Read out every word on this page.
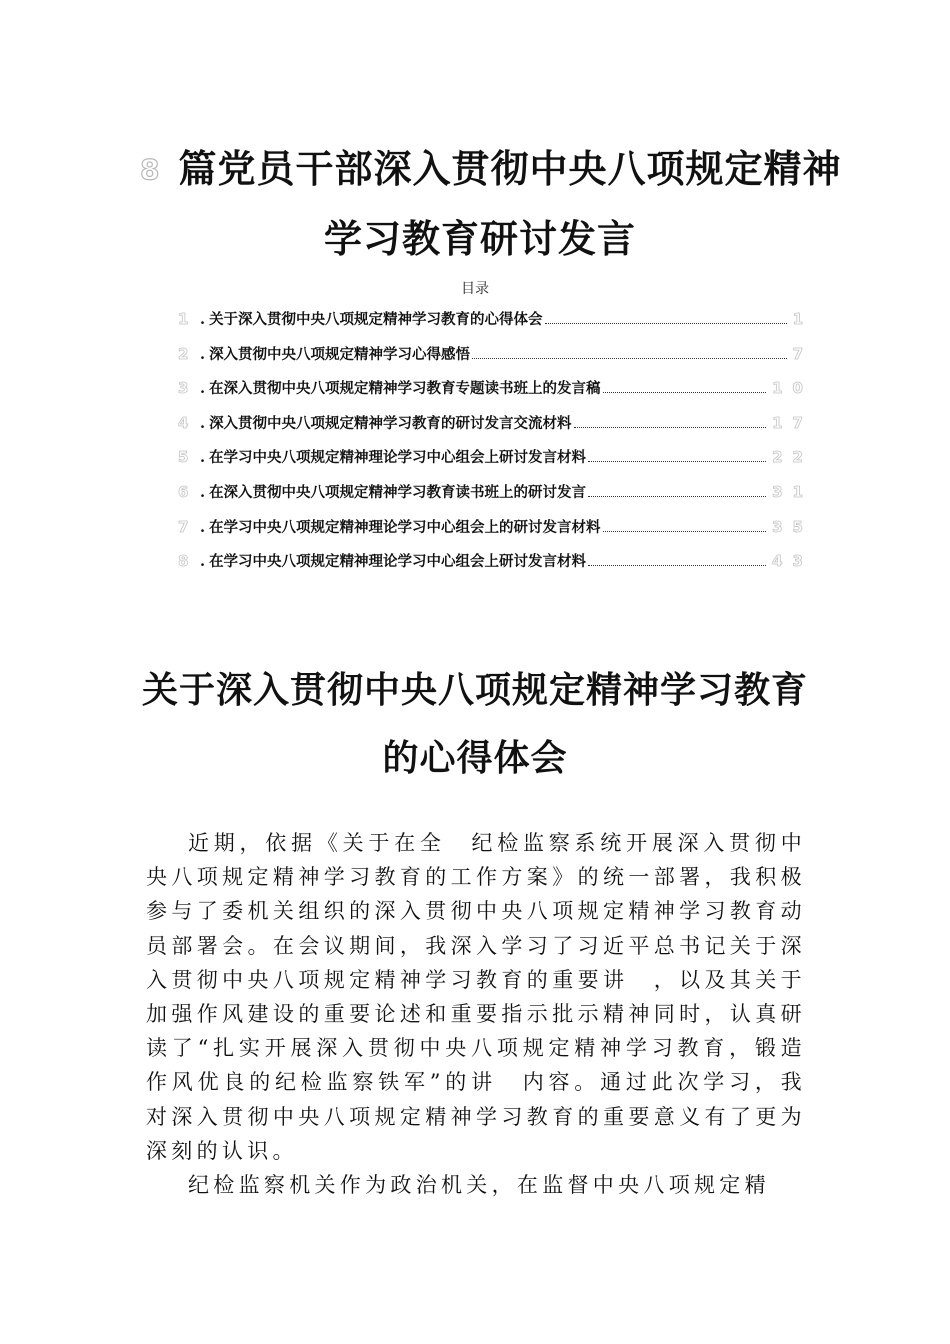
8 篇党员干部深入贯彻中央八项规定精神
学习教育研讨发言
目录
1 . 关于深入贯彻中央八项规定精神学习教育的心得体会	1
2 . 深入贯彻中央八项规定精神学习心得感悟	7
3 . 在深入贯彻中央八项规定精神学习教育专题读书班上的发言稿	10
4 . 深入贯彻中央八项规定精神学习教育的研讨发言交流材料	17
5 . 在学习中央八项规定精神理论学习中心组会上研讨发言材料	22
6 . 在深入贯彻中央八项规定精神学习教育读书班上的研讨发言	31
7 . 在学习中央八项规定精神理论学习中心组会上的研讨发言材料	35
8 . 在学习中央八项规定精神理论学习中心组会上研讨发言材料	43
关于深入贯彻中央八项规定精神学习教育
的心得体会

近期，依据《关于在全　纪检监察系统开展深入贯彻中央八项规定精神学习教育的工作方案》的统一部署，我积极参与了委机关组织的深入贯彻中央八项规定精神学习教育动员部署会。在会议期间，我深入学习了习近平总书记关于深入贯彻中央八项规定精神学习教育的重要讲　，以及其关于加强作风建设的重要论述和重要指示批示精神同时，认真研读了“扎实开展深入贯彻中央八项规定精神学习教育，锻造作风优良的纪检监察铁军”的讲　内容。通过此次学习，我对深入贯彻中央八项规定精神学习教育的重要意义有了更为深刻的认识。

纪检监察机关作为政治机关，在监督中央八项规定精
